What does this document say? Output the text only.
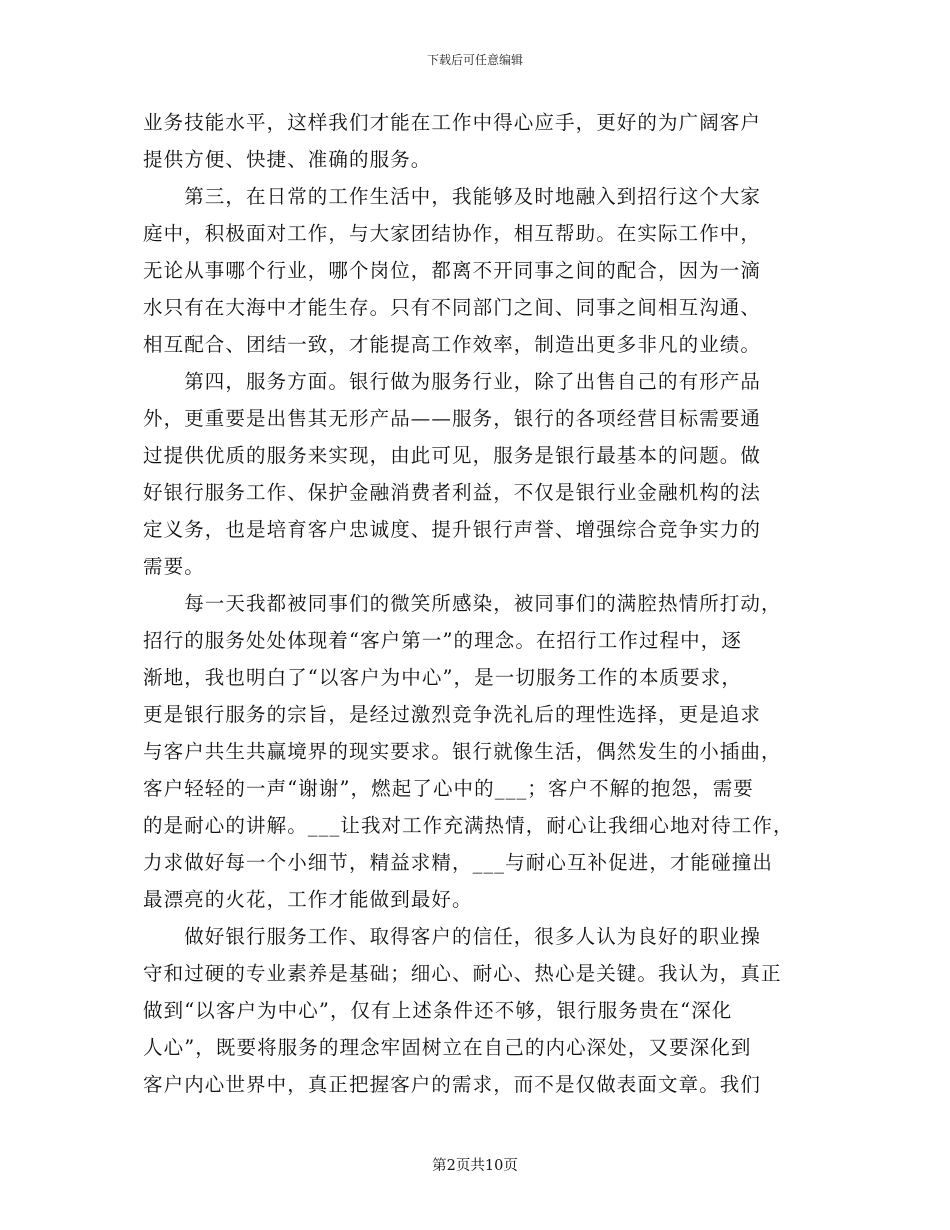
下载后可任意编辑
业务技能水平，这样我们才能在工作中得心应手，更好的为广阔客户
提供方便、快捷、准确的服务。
　　第三，在日常的工作生活中，我能够及时地融入到招行这个大家
庭中，积极面对工作，与大家团结协作，相互帮助。在实际工作中，
无论从事哪个行业，哪个岗位，都离不开同事之间的配合，因为一滴
水只有在大海中才能生存。只有不同部门之间、同事之间相互沟通、
相互配合、团结一致，才能提高工作效率，制造出更多非凡的业绩。
　　第四，服务方面。银行做为服务行业，除了出售自己的有形产品
外，更重要是出售其无形产品——服务，银行的各项经营目标需要通
过提供优质的服务来实现，由此可见，服务是银行最基本的问题。做
好银行服务工作、保护金融消费者利益，不仅是银行业金融机构的法
定义务，也是培育客户忠诚度、提升银行声誉、增强综合竞争实力的
需要。
　　每一天我都被同事们的微笑所感染，被同事们的满腔热情所打动，
招行的服务处处体现着“客户第一”的理念。在招行工作过程中，逐
渐地，我也明白了“以客户为中心”，是一切服务工作的本质要求，
更是银行服务的宗旨，是经过激烈竞争洗礼后的理性选择，更是追求
与客户共生共赢境界的现实要求。银行就像生活，偶然发生的小插曲，
客户轻轻的一声“谢谢”，燃起了心中的___；客户不解的抱怨，需要
的是耐心的讲解。___让我对工作充满热情，耐心让我细心地对待工作，
力求做好每一个小细节，精益求精，___与耐心互补促进，才能碰撞出
最漂亮的火花，工作才能做到最好。
　　做好银行服务工作、取得客户的信任，很多人认为良好的职业操
守和过硬的专业素养是基础；细心、耐心、热心是关键。我认为，真正
做到“以客户为中心”，仅有上述条件还不够，银行服务贵在“深化
人心”，既要将服务的理念牢固树立在自己的内心深处，又要深化到
客户内心世界中，真正把握客户的需求，而不是仅做表面文章。我们
第2页共10页
